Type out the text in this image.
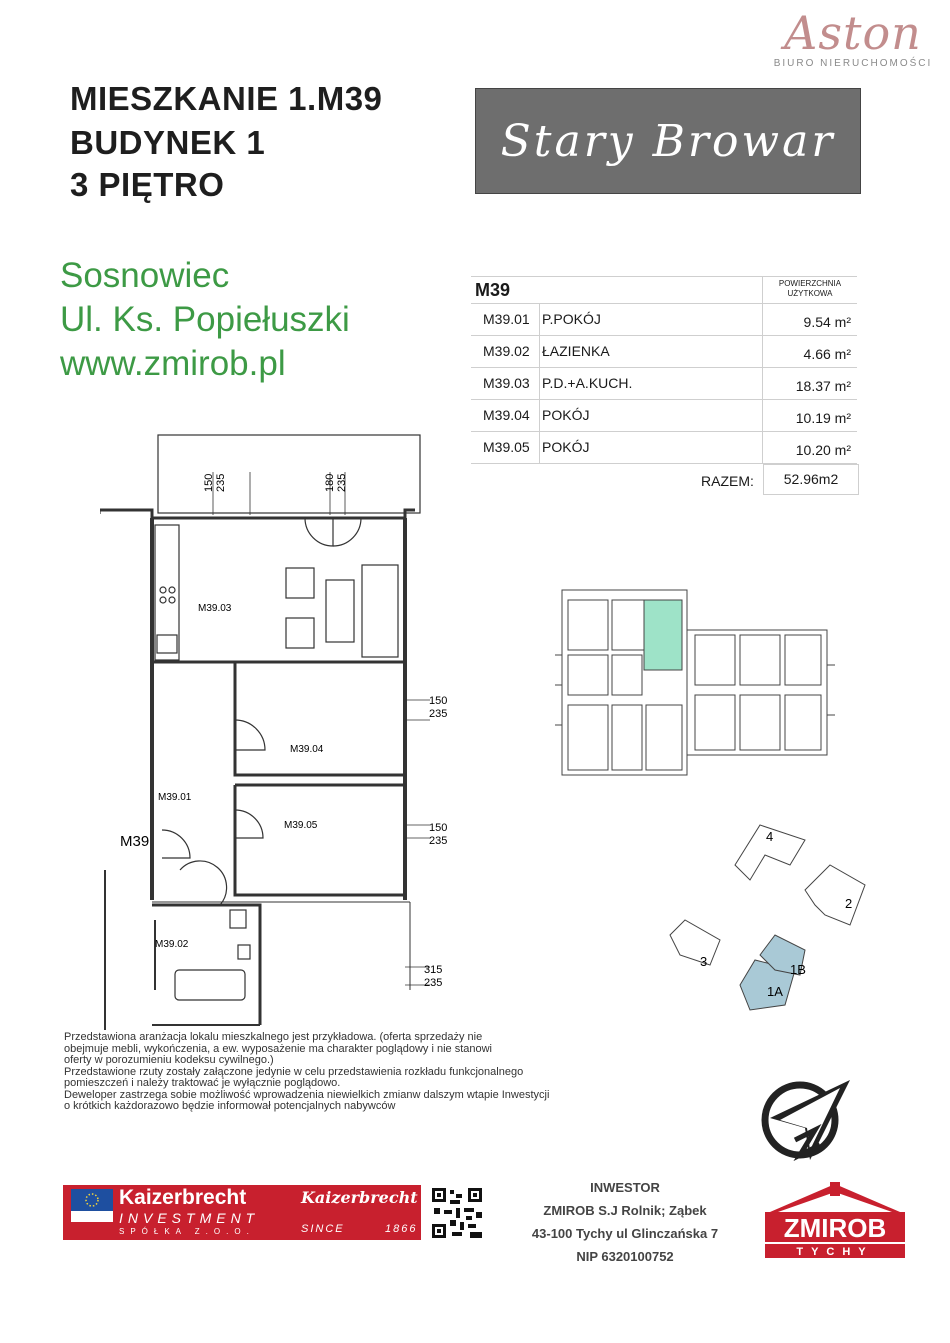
Aston
BIURO NIERUCHOMOŚCI
MIESZKANIE 1.M39
BUDYNEK 1
3 PIĘTRO
Stary Browar
Sosnowiec
Ul. Ks. Popiełuszki
www.zmirob.pl
M39	POWIERZCHNIA UŻYTKOWA
M39.01 P.POKÓJ	9.54 m²
M39.02 ŁAZIENKA	4.66 m²
M39.03 P.D.+A.KUCH.	18.37 m²
M39.04 POKÓJ	10.19 m²
M39.05 POKÓJ	10.20 m²
RAZEM:	52.96m2
150 235	180 235
150
235
150
235
315
235
M39.03
M39.04
M39.05
M39.01
M39.02
M39	4
2
3
1B
1A

Przedstawiona aranżacja lokalu mieszkalnego jest przykładowa. (oferta sprzedaży nie

obejmuje mebli, wykończenia, a ew. wyposażenie ma charakter poglądowy i nie stanowi

oferty w porozumieniu kodeksu cywilnego.)

Przedstawione rzuty zostały załączone jedynie w celu przedstawienia rozkładu funkcjonalnego

pomieszczeń i należy traktować je wyłącznie poglądowo.

Deweloper zastrzega sobie możliwość wprowadzenia niewielkich zmianw dalszym wtapie Inwestycji

o krótkich każdorazowo będzie informował potencjalnych nabywców

Kaizerbrecht
INVESTMENT
SPÓŁKA Z.O.O.
Kaizerbrecht
SINCE	1866
INWESTOR
ZMIROB S.J Rolnik; Ząbek
43-100 Tychy ul Glinczańska 7
NIP 6320100752
ZMIROB
TYCHY
